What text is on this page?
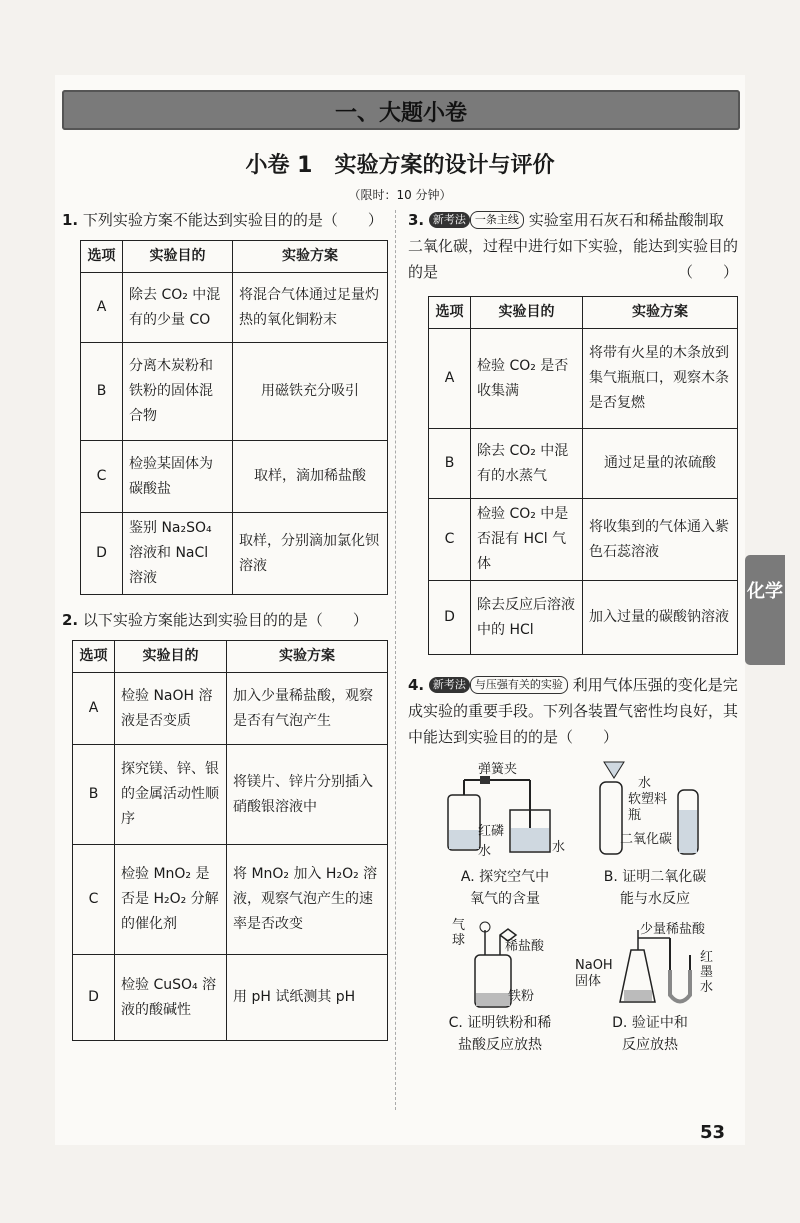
一、大题小卷
小卷 1　实验方案的设计与评价
（限时：10 分钟）
1. 下列实验方案不能达到实验目的的是（　　）
选项	实验目的	实验方案
A	除去 CO₂ 中混有的少量 CO	将混合气体通过足量灼热的氧化铜粉末
B	分离木炭粉和铁粉的固体混合物	用磁铁充分吸引
C	检验某固体为碳酸盐	取样，滴加稀盐酸
D	鉴别 Na₂SO₄ 溶液和 NaCl 溶液	取样，分别滴加氯化钡溶液
2. 以下实验方案能达到实验目的的是（　　）
选项	实验目的	实验方案
A	检验 NaOH 溶液是否变质	加入少量稀盐酸，观察是否有气泡产生
B	探究镁、锌、银的金属活动性顺序	将镁片、锌片分别插入硝酸银溶液中
C	检验 MnO₂ 是否是 H₂O₂ 分解的催化剂	将 MnO₂ 加入 H₂O₂ 溶液，观察气泡产生的速率是否改变
D	检验 CuSO₄ 溶液的酸碱性	用 pH 试纸测其 pH
3. 新考法 一条主线 实验室用石灰石和稀盐酸制取二氧化碳，过程中进行如下实验，能达到实验目的的是	（　　）
选项	实验目的	实验方案
A	检验 CO₂ 是否收集满	将带有火星的木条放到集气瓶瓶口，观察木条是否复燃
B	除去 CO₂ 中混有的水蒸气	通过足量的浓硫酸
C	检验 CO₂ 中是否混有 HCl 气体	将收集到的气体通入紫色石蕊溶液
D	除去反应后溶液中的 HCl	加入过量的碳酸钠溶液
4. 新考法 与压强有关的实验 利用气体压强的变化是完成实验的重要手段。下列各装置气密性均良好，其中能达到实验目的的是（　　）
弹簧夹
红磷
水	水
A. 探究空气中
氧气的含量
水
软塑料瓶
二氧化碳
B. 证明二氧化碳
能与水反应
气球	稀盐酸
铁粉
C. 证明铁粉和稀
盐酸反应放热
少量稀盐酸
NaOH固体
红墨水
D. 验证中和
反应放热
化学
53
